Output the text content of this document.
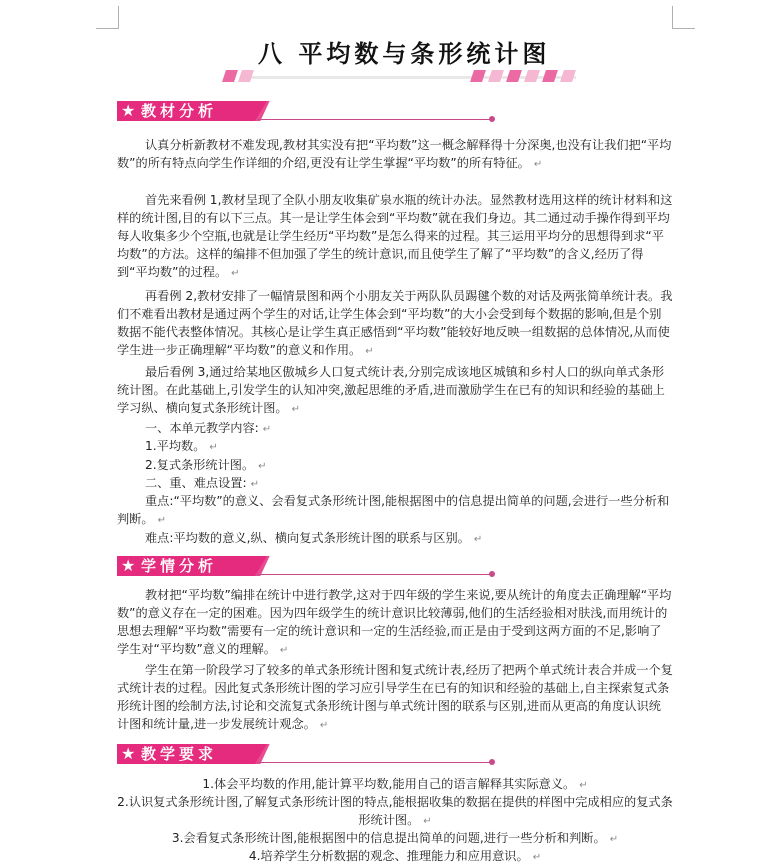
八 平均数与条形统计图
★ 教材分析
认真分析新教材不难发现,教材其实没有把“平均数”这一概念解释得十分深奥,也没有让我们把“平均数”的所有特点向学生作详细的介绍,更没有让学生掌握“平均数”的所有特征。 ↵
首先来看例 1,教材呈现了全队小朋友收集矿泉水瓶的统计办法。显然教材选用这样的统计材料和这样的统计图,目的有以下三点。其一是让学生体会到“平均数”就在我们身边。其二通过动手操作得到平均每人收集多少个空瓶,也就是让学生经历“平均数”是怎么得来的过程。其三运用平均分的思想得到求“平均数”的方法。这样的编排不但加强了学生的统计意识,而且使学生了解了“平均数”的含义,经历了得到“平均数”的过程。 ↵
再看例 2,教材安排了一幅情景图和两个小朋友关于两队队员踢毽个数的对话及两张简单统计表。我们不难看出教材是通过两个学生的对话,让学生体会到“平均数”的大小会受到每个数据的影响,但是个别数据不能代表整体情况。其核心是让学生真正感悟到“平均数”能较好地反映一组数据的总体情况,从而使学生进一步正确理解“平均数”的意义和作用。 ↵
最后看例 3,通过给某地区傲城乡人口复式统计表,分别完成该地区城镇和乡村人口的纵向单式条形统计图。在此基础上,引发学生的认知冲突,激起思维的矛盾,进而激励学生在已有的知识和经验的基础上学习纵、横向复式条形统计图。 ↵
一、本单元教学内容: ↵
1.平均数。 ↵
2.复式条形统计图。 ↵
二、重、难点设置: ↵
重点:“平均数”的意义、会看复式条形统计图,能根据图中的信息提出简单的问题,会进行一些分析和判断。 ↵
难点:平均数的意义,纵、横向复式条形统计图的联系与区别。 ↵
★ 学情分析
教材把“平均数”编排在统计中进行教学,这对于四年级的学生来说,要从统计的角度去正确理解“平均数”的意义存在一定的困难。因为四年级学生的统计意识比较薄弱,他们的生活经验相对肤浅,而用统计的思想去理解“平均数”需要有一定的统计意识和一定的生活经验,而正是由于受到这两方面的不足,影响了学生对“平均数”意义的理解。 ↵
学生在第一阶段学习了较多的单式条形统计图和复式统计表,经历了把两个单式统计表合并成一个复式统计表的过程。因此复式条形统计图的学习应引导学生在已有的知识和经验的基础上,自主探索复式条形统计图的绘制方法,讨论和交流复式条形统计图与单式统计图的联系与区别,进而从更高的角度认识统计图和统计量,进一步发展统计观念。 ↵
★ 教学要求
1.体会平均数的作用,能计算平均数,能用自己的语言解释其实际意义。 ↵
2.认识复式条形统计图,了解复式条形统计图的特点,能根据收集的数据在提供的样图中完成相应的复式条形统计图。 ↵
3.会看复式条形统计图,能根据图中的信息提出简单的问题,进行一些分析和判断。 ↵
4.培养学生分析数据的观念、推理能力和应用意识。 ↵
